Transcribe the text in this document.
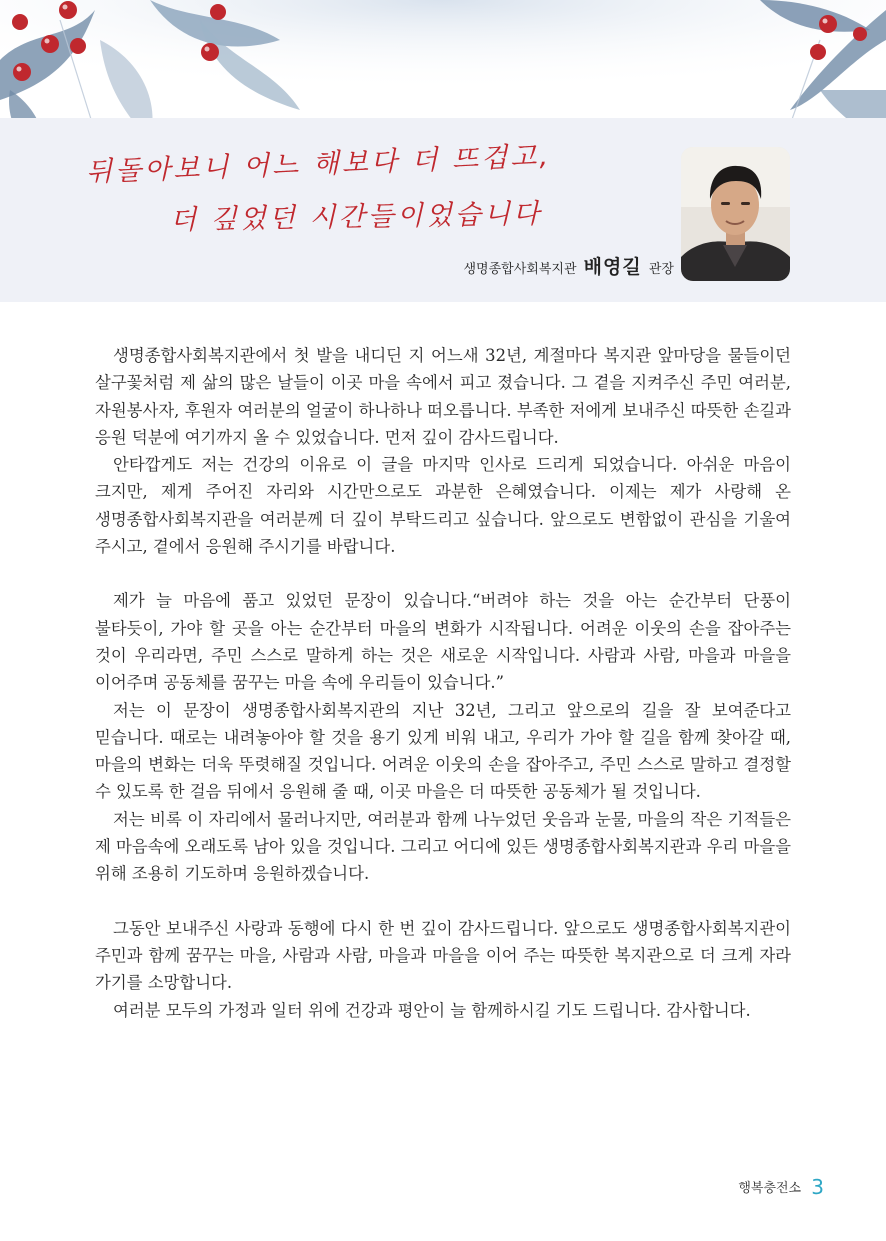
뒤돌아보니 어느 해보다 더 뜨겁고,
더 깊었던 시간들이었습니다
생명종합사회복지관 배영길 관장

생명종합사회복지관에서 첫 발을 내디딘 지 어느새 32년, 계절마다 복지관 앞마당을 물들이던 살구꽃처럼 제 삶의 많은 날들이 이곳 마을 속에서 피고 졌습니다. 그 곁을 지켜주신 주민 여러분, 자원봉사자, 후원자 여러분의 얼굴이 하나하나 떠오릅니다. 부족한 저에게 보내주신 따뜻한 손길과 응원 덕분에 여기까지 올 수 있었습니다. 먼저 깊이 감사드립니다.

안타깝게도 저는 건강의 이유로 이 글을 마지막 인사로 드리게 되었습니다. 아쉬운 마음이 크지만, 제게 주어진 자리와 시간만으로도 과분한 은혜였습니다. 이제는 제가 사랑해 온 생명종합사회복지관을 여러분께 더 깊이 부탁드리고 싶습니다. 앞으로도 변함없이 관심을 기울여 주시고, 곁에서 응원해 주시기를 바랍니다.

제가 늘 마음에 품고 있었던 문장이 있습니다.“버려야 하는 것을 아는 순간부터 단풍이 불타듯이, 가야 할 곳을 아는 순간부터 마을의 변화가 시작됩니다. 어려운 이웃의 손을 잡아주는 것이 우리라면, 주민 스스로 말하게 하는 것은 새로운 시작입니다. 사람과 사람, 마을과 마을을 이어주며 공동체를 꿈꾸는 마을 속에 우리들이 있습니다.”

저는 이 문장이 생명종합사회복지관의 지난 32년, 그리고 앞으로의 길을 잘 보여준다고 믿습니다. 때로는 내려놓아야 할 것을 용기 있게 비워 내고, 우리가 가야 할 길을 함께 찾아갈 때, 마을의 변화는 더욱 뚜렷해질 것입니다. 어려운 이웃의 손을 잡아주고, 주민 스스로 말하고 결정할 수 있도록 한 걸음 뒤에서 응원해 줄 때, 이곳 마을은 더 따뜻한 공동체가 될 것입니다.

저는 비록 이 자리에서 물러나지만, 여러분과 함께 나누었던 웃음과 눈물, 마을의 작은 기적들은 제 마음속에 오래도록 남아 있을 것입니다. 그리고 어디에 있든 생명종합사회복지관과 우리 마을을 위해 조용히 기도하며 응원하겠습니다.

그동안 보내주신 사랑과 동행에 다시 한 번 깊이 감사드립니다. 앞으로도 생명종합사회복지관이 주민과 함께 꿈꾸는 마을, 사람과 사람, 마을과 마을을 이어 주는 따뜻한 복지관으로 더 크게 자라 가기를 소망합니다.

여러분 모두의 가정과 일터 위에 건강과 평안이 늘 함께하시길 기도 드립니다. 감사합니다.

행복충전소 3
